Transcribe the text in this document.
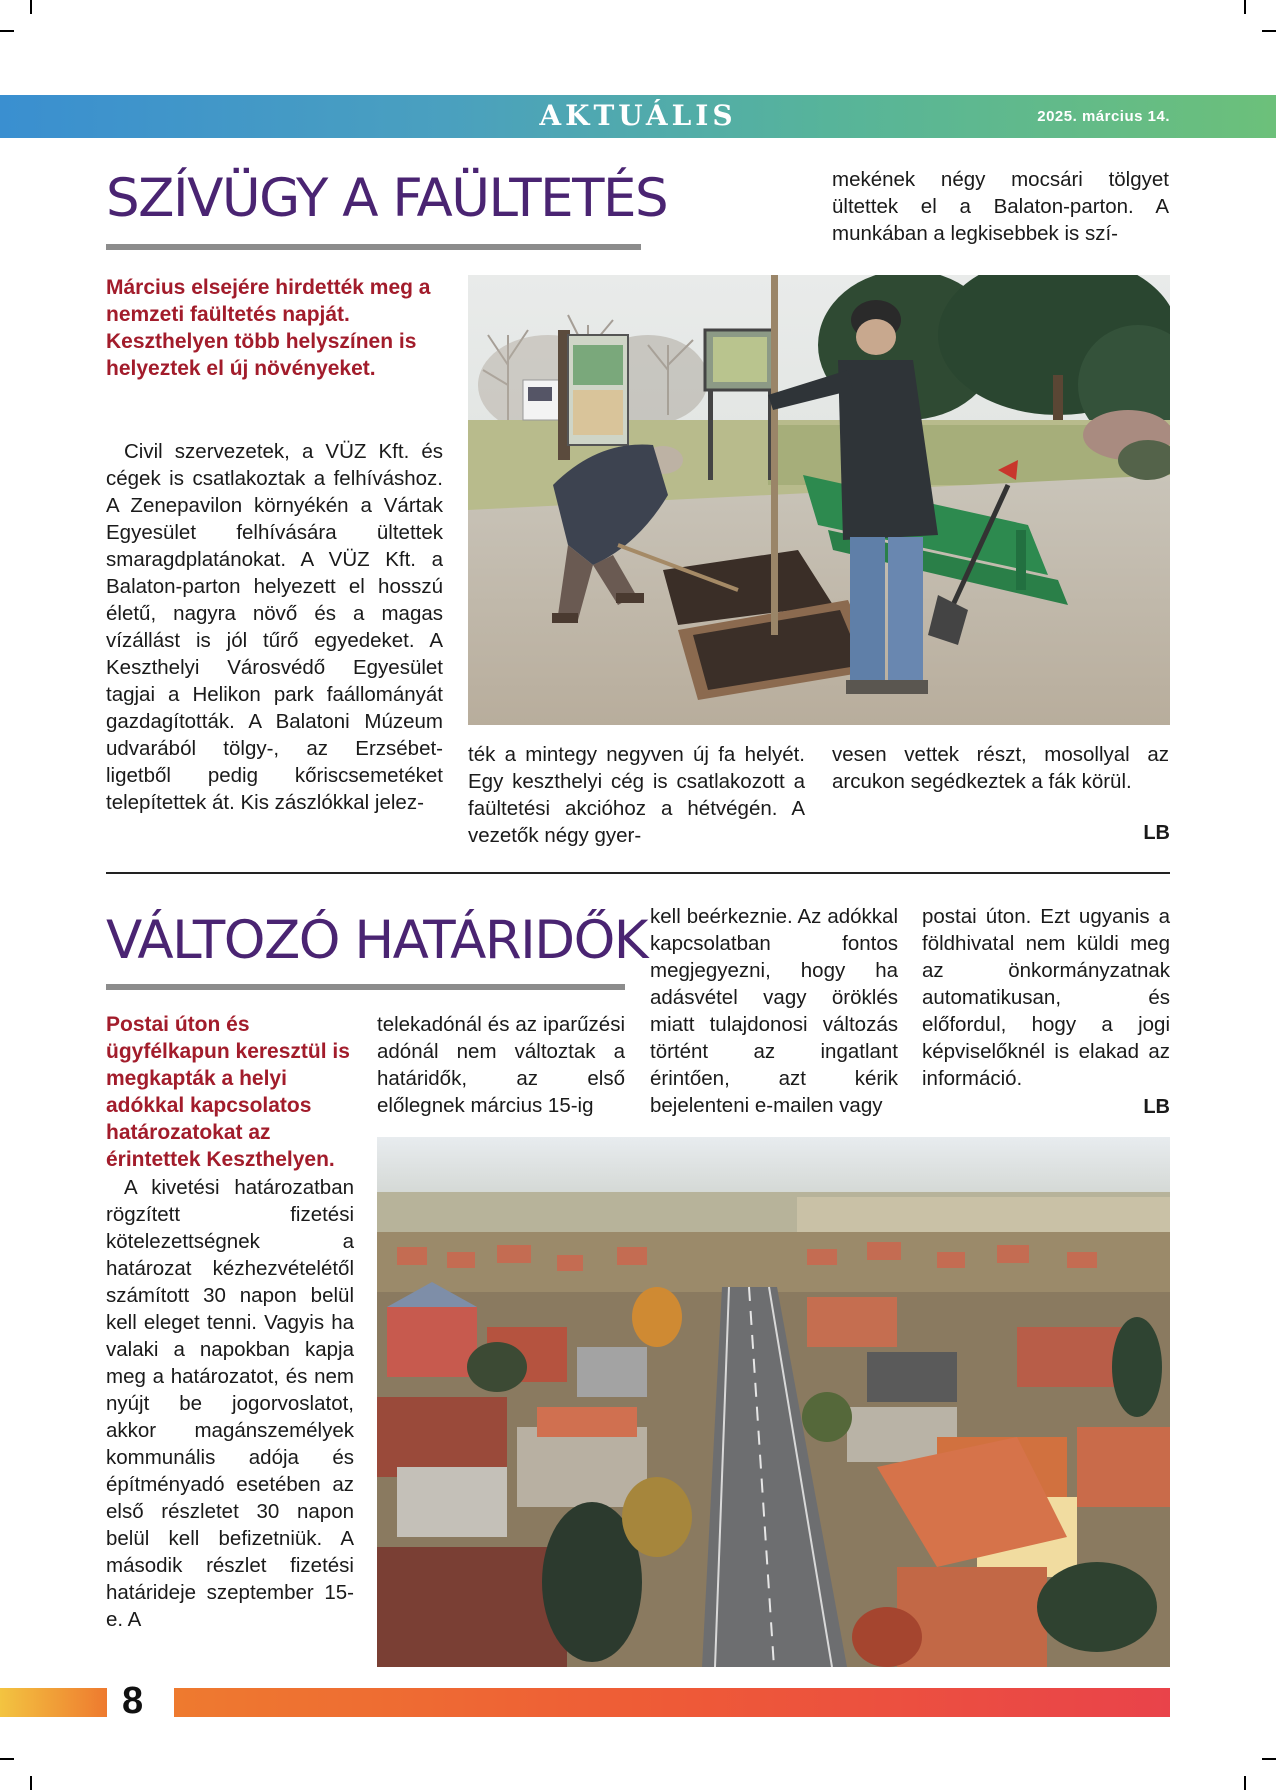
AKTUÁLIS	2025. március 14.
SZÍVÜGY A FAÜLTETÉS	mekének négy mocsári tölgyet ültettek el a Balaton-parton. A munkában a legkisebbek is szí-

Március elsejére hirdették meg a nemzeti faültetés napját. Keszthelyen több helyszínen is helyeztek el új növényeket.

Civil szervezetek, a VÜZ Kft. és cégek is csatlakoztak a felhíváshoz. A Zenepavilon környékén a Vártak Egyesület felhívására ültettek smaragdplatánokat. A VÜZ Kft. a Balaton-parton helyezett el hosszú életű, nagyra növő és a magas vízállást is jól tűrő egyedeket. A Keszthelyi Városvédő Egyesület tagjai a Helikon park faállományát gazdagították. A Balatoni Múzeum udvarából tölgy-, az Erzsébet-ligetből pedig kőriscsemetéket telepítettek át. Kis zászlókkal jelez-

ték a mintegy negyven új fa helyét. Egy keszthelyi cég is csatlakozott a faültetési akcióhoz a hétvégén. A vezetők négy gyer-

vesen vettek részt, mosollyal az arcukon segédkeztek a fák körül.

LB
VÁLTOZÓ HATÁRIDŐK kell beérkeznie. Az adókkal kapcsolatban fontos megjegyezni, hogy ha adásvétel vagy öröklés miatt tulajdonosi változás történt az ingatlant érintően, azt kérik bejelenteni e-mailen vagy

postai úton. Ezt ugyanis a földhivatal nem küldi meg az önkormányzatnak automatikusan, és előfordul, hogy a jogi képviselőknél is elakad az információ.

LB
Postai úton és ügyfélkapun keresztül is megkapták a helyi adókkal kapcsolatos határozatokat az érintettek Keszthelyen.

telekadónál és az iparűzési adónál nem változtak a határidők, az első előlegnek március 15-ig

A kivetési határozatban rögzített fizetési kötelezettségnek a határozat kézhezvételétől számított 30 napon belül kell eleget tenni. Vagyis ha valaki a napokban kapja meg a határozatot, és nem nyújt be jogorvoslatot, akkor magánszemélyek kommunális adója és építményadó esetében az első részletet 30 napon belül kell befizetniük. A második részlet fizetési határideje szeptember 15-e. A

8
